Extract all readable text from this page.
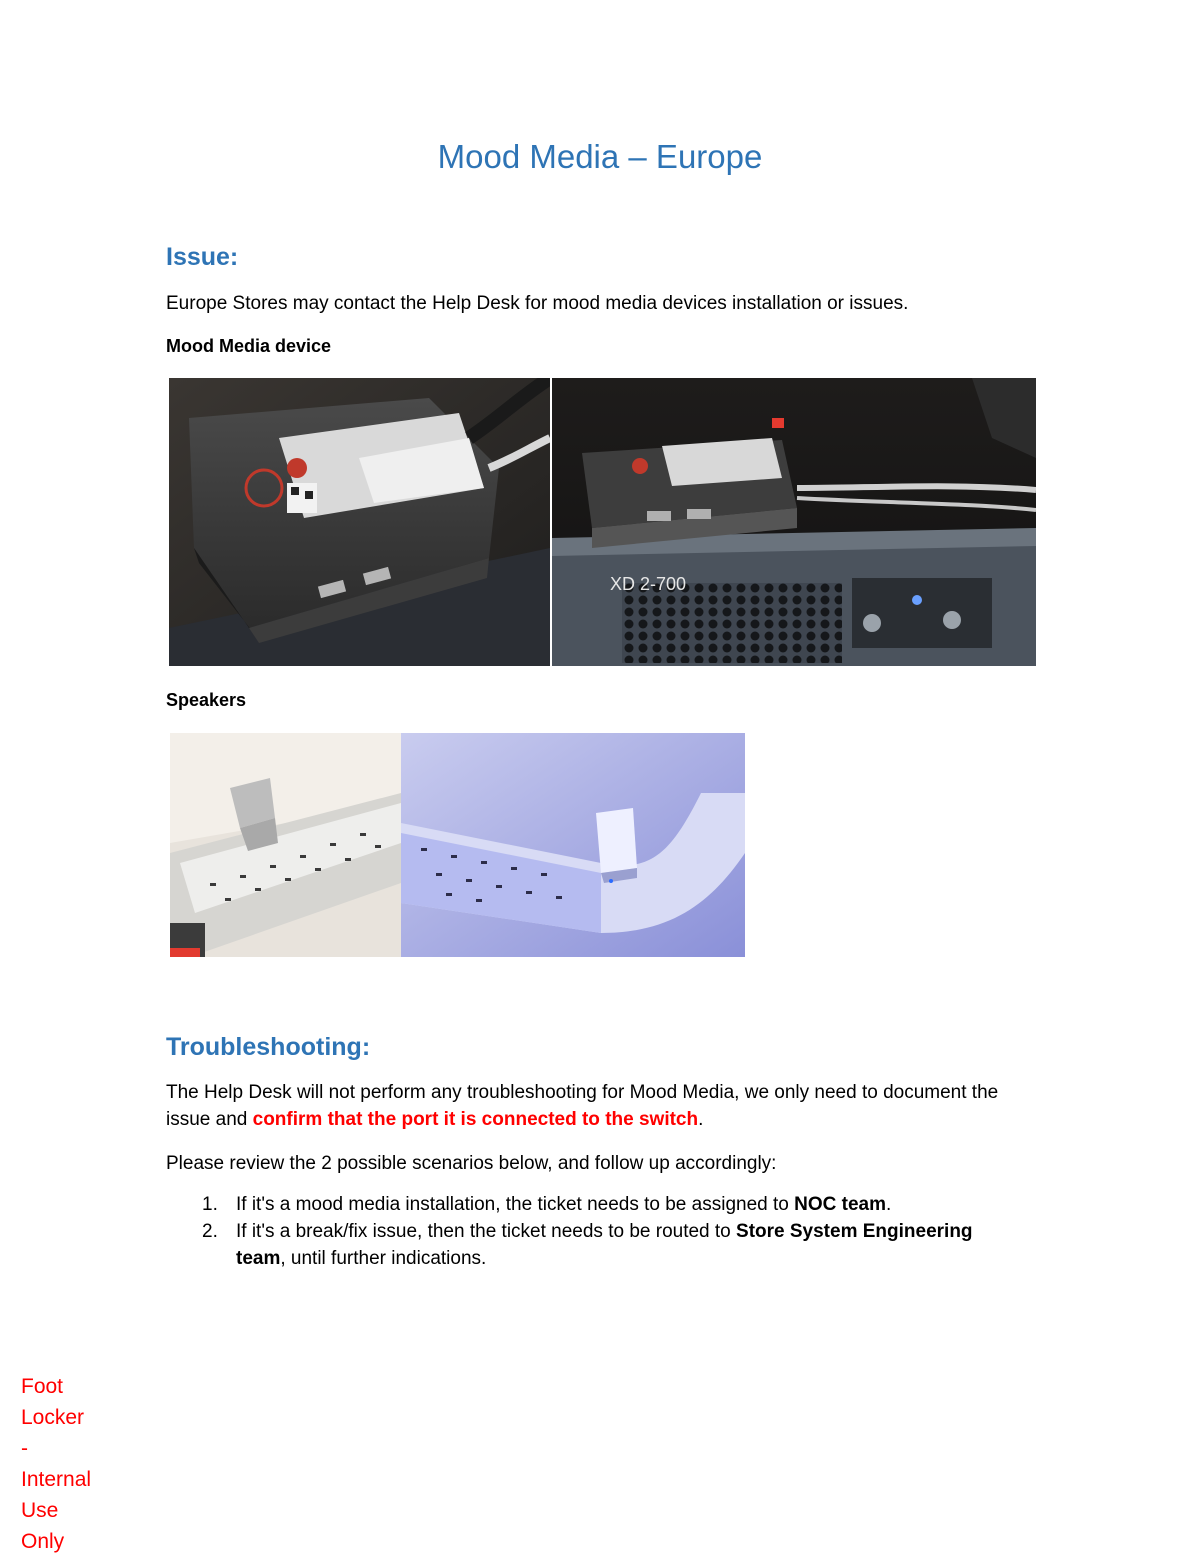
Mood Media – Europe
Issue:
Europe Stores may contact the Help Desk for mood media devices installation or issues.
Mood Media device
XD 2-700
Speakers
Troubleshooting:
The Help Desk will not perform any troubleshooting for Mood Media, we only need to document the issue and confirm that the port it is connected to the switch.
Please review the 2 possible scenarios below, and follow up accordingly:
1. If it's a mood media installation, the ticket needs to be assigned to NOC team.
2. If it's a break/fix issue, then the ticket needs to be routed to Store System Engineering team, until further indications.
Foot Locker - Internal Use Only
